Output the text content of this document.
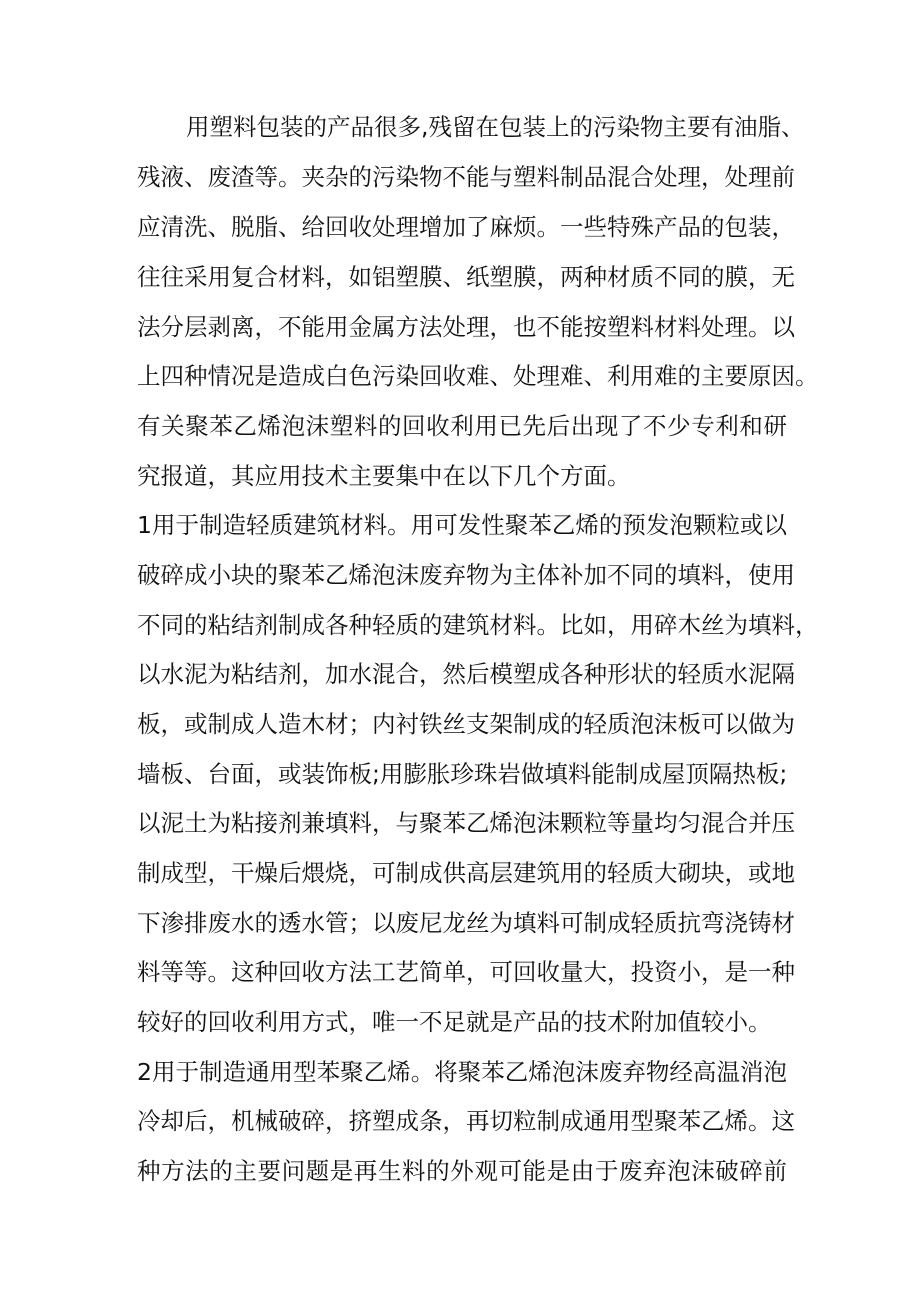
用塑料包装的产品很多,残留在包装上的污染物主要有油脂、
残液、废渣等。夹杂的污染物不能与塑料制品混合处理，处理前
应清洗、脱脂、给回收处理增加了麻烦。一些特殊产品的包装，
往往采用复合材料，如铝塑膜、纸塑膜，两种材质不同的膜，无
法分层剥离，不能用金属方法处理，也不能按塑料材料处理。以
上四种情况是造成白色污染回收难、处理难、利用难的主要原因。
有关聚苯乙烯泡沫塑料的回收利用已先后出现了不少专利和研
究报道，其应用技术主要集中在以下几个方面。
1用于制造轻质建筑材料。用可发性聚苯乙烯的预发泡颗粒或以
破碎成小块的聚苯乙烯泡沫废弃物为主体补加不同的填料，使用
不同的粘结剂制成各种轻质的建筑材料。比如，用碎木丝为填料，
以水泥为粘结剂，加水混合，然后模塑成各种形状的轻质水泥隔
板，或制成人造木材；内衬铁丝支架制成的轻质泡沫板可以做为
墙板、台面，或装饰板;用膨胀珍珠岩做填料能制成屋顶隔热板;
以泥土为粘接剂兼填料，与聚苯乙烯泡沫颗粒等量均匀混合并压
制成型，干燥后煨烧，可制成供高层建筑用的轻质大砌块，或地
下渗排废水的透水管；以废尼龙丝为填料可制成轻质抗弯浇铸材
料等等。这种回收方法工艺简单，可回收量大，投资小，是一种
较好的回收利用方式，唯一不足就是产品的技术附加值较小。
2用于制造通用型苯聚乙烯。将聚苯乙烯泡沫废弃物经高温消泡
冷却后，机械破碎，挤塑成条，再切粒制成通用型聚苯乙烯。这
种方法的主要问题是再生料的外观可能是由于废弃泡沫破碎前
